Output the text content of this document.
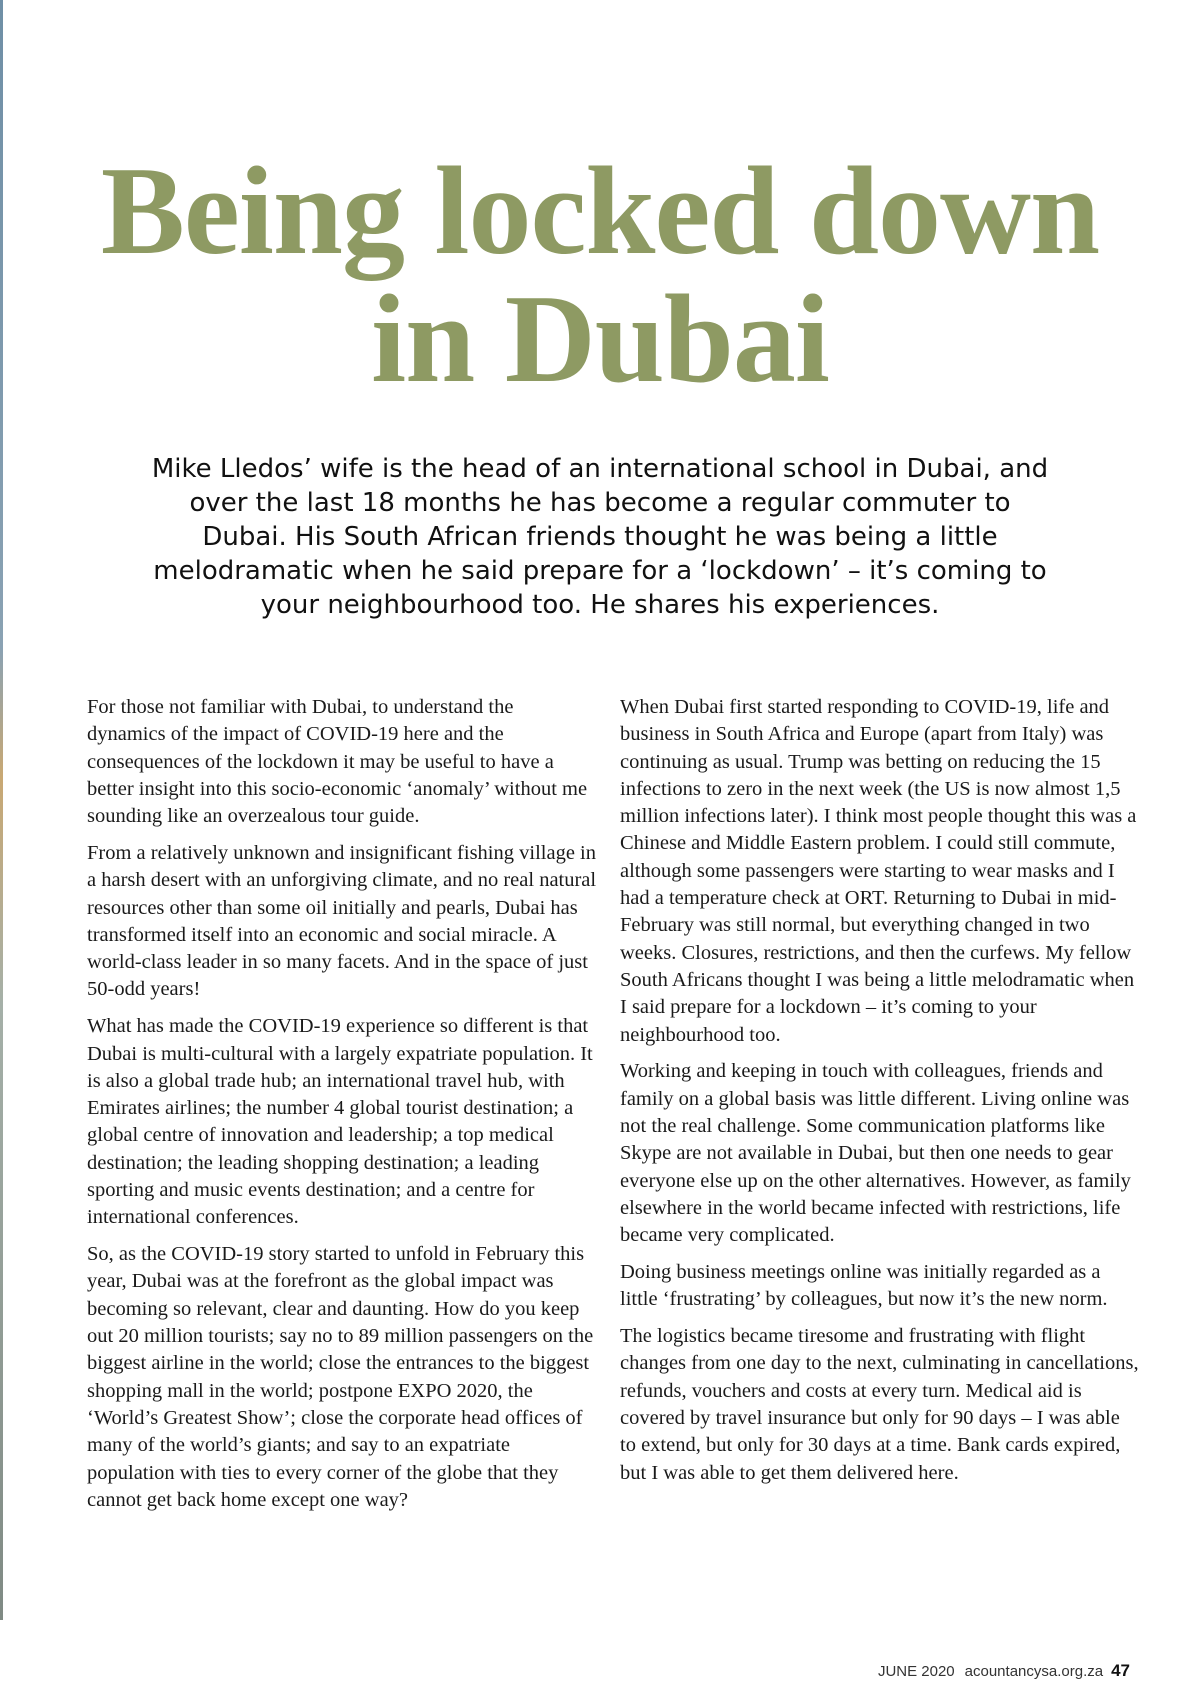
Being locked down
in Dubai
Mike Lledos’ wife is the head of an international school in Dubai, and over the last 18 months he has become a regular commuter to Dubai. His South African friends thought he was being a little melodramatic when he said prepare for a ‘lockdown’ – it’s coming to your neighbourhood too. He shares his experiences.

For those not familiar with Dubai, to understand the dynamics of the impact of COVID-19 here and the consequences of the lockdown it may be useful to have a better insight into this socio-economic ‘anomaly’ without me sounding like an overzealous tour guide.

From a relatively unknown and insignificant fishing village in a harsh desert with an unforgiving climate, and no real natural resources other than some oil initially and pearls, Dubai has transformed itself into an economic and social miracle. A world-class leader in so many facets. And in the space of just 50-odd years!

What has made the COVID-19 experience so different is that Dubai is multi-cultural with a largely expatriate population. It is also a global trade hub; an international travel hub, with Emirates airlines; the number 4 global tourist destination; a global centre of innovation and leadership; a top medical destination; the leading shopping destination; a leading sporting and music events destination; and a centre for international conferences.

So, as the COVID-19 story started to unfold in February this year, Dubai was at the forefront as the global impact was becoming so relevant, clear and daunting. How do you keep out 20 million tourists; say no to 89 million passengers on the biggest airline in the world; close the entrances to the biggest shopping mall in the world; postpone EXPO 2020, the ‘World’s Greatest Show’; close the corporate head offices of many of the world’s giants; and say to an expatriate population with ties to every corner of the globe that they cannot get back home except one way?

When Dubai first started responding to COVID-19, life and business in South Africa and Europe (apart from Italy) was continuing as usual. Trump was betting on reducing the 15 infections to zero in the next week (the US is now almost 1,5 million infections later). I think most people thought this was a Chinese and Middle Eastern problem. I could still commute, although some passengers were starting to wear masks and I had a temperature check at ORT. Returning to Dubai in mid-February was still normal, but everything changed in two weeks. Closures, restrictions, and then the curfews. My fellow South Africans thought I was being a little melodramatic when I said prepare for a lockdown – it’s coming to your neighbourhood too.

Working and keeping in touch with colleagues, friends and family on a global basis was little different. Living online was not the real challenge. Some communication platforms like Skype are not available in Dubai, but then one needs to gear everyone else up on the other alternatives. However, as family elsewhere in the world became infected with restrictions, life became very complicated.

Doing business meetings online was initially regarded as a little ‘frustrating’ by colleagues, but now it’s the new norm.

The logistics became tiresome and frustrating with flight changes from one day to the next, culminating in cancellations, refunds, vouchers and costs at every turn. Medical aid is covered by travel insurance but only for 90 days – I was able to extend, but only for 30 days at a time. Bank cards expired, but I was able to get them delivered here.

JUNE 2020 acountancysa.org.za 47
